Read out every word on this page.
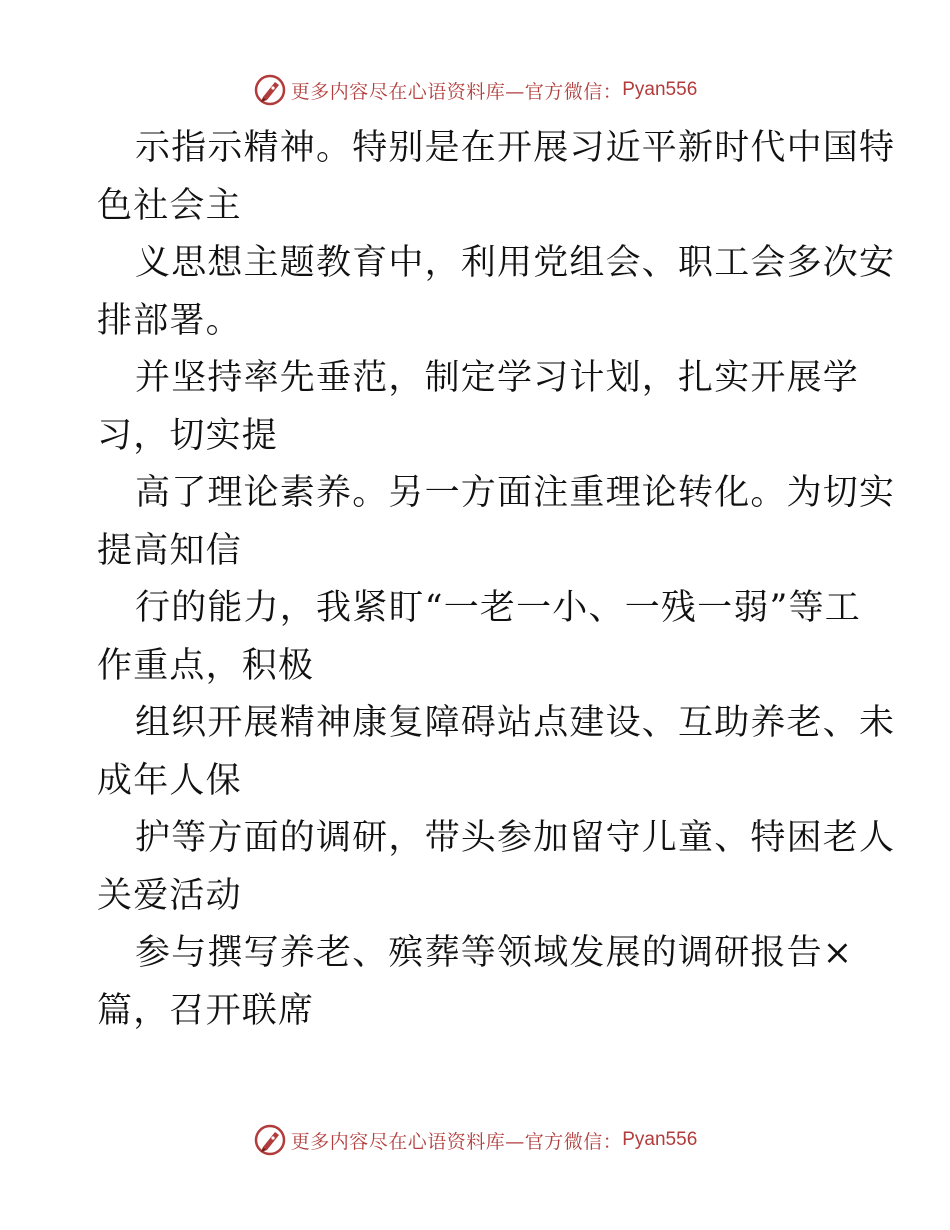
更多内容尽在心语资料库—官方微信： Pyan556

示指示精神。特别是在开展习近平新时代中国特
色社会主

义思想主题教育中，利用党组会、职工会多次安
排部署。

并坚持率先垂范，制定学习计划，扎实开展学
习，切实提

高了理论素养。另一方面注重理论转化。为切实
提高知信

行的能力，我紧盯“一老一小、一残一弱”等工
作重点，积极

组织开展精神康复障碍站点建设、互助养老、未
成年人保

护等方面的调研，带头参加留守儿童、特困老人
关爱活动

参与撰写养老、殡葬等领域发展的调研报告×
篇，召开联席

更多内容尽在心语资料库—官方微信： Pyan556
